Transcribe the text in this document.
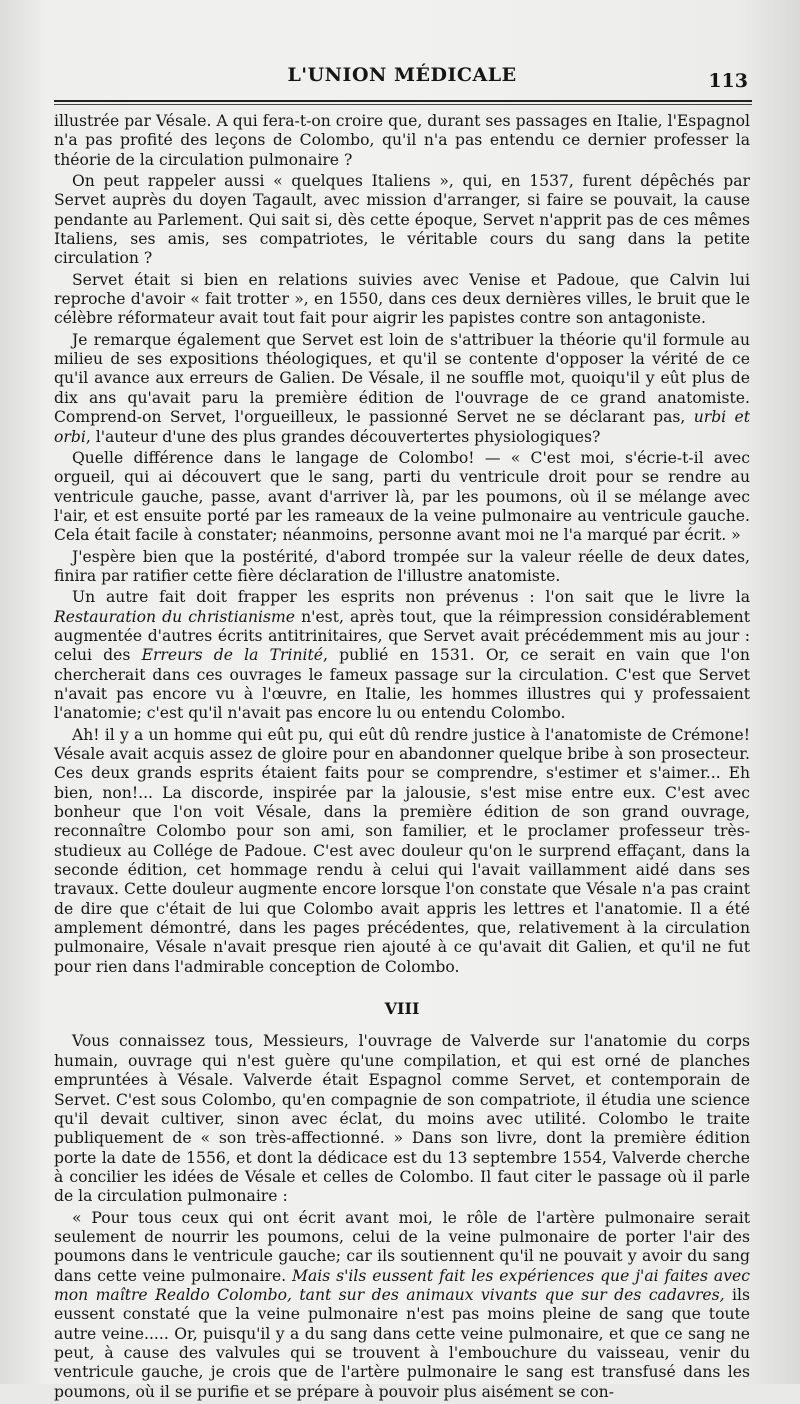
L'UNION MÉDICALE	113

illustrée par Vésale. A qui fera-t-on croire que, durant ses passages en Italie, l'Espagnol n'a pas profité des leçons de Colombo, qu'il n'a pas entendu ce dernier professer la théorie de la circulation pulmonaire ?

On peut rappeler aussi « quelques Italiens », qui, en 1537, furent dépêchés par Servet auprès du doyen Tagault, avec mission d'arranger, si faire se pouvait, la cause pendante au Parlement. Qui sait si, dès cette époque, Servet n'apprit pas de ces mêmes Italiens, ses amis, ses compatriotes, le véritable cours du sang dans la petite circulation ?

Servet était si bien en relations suivies avec Venise et Padoue, que Calvin lui reproche d'avoir « fait trotter », en 1550, dans ces deux dernières villes, le bruit que le célèbre réformateur avait tout fait pour aigrir les papistes contre son antagoniste.

Je remarque également que Servet est loin de s'attribuer la théorie qu'il formule au milieu de ses expositions théologiques, et qu'il se contente d'opposer la vérité de ce qu'il avance aux erreurs de Galien. De Vésale, il ne souffle mot, quoiqu'il y eût plus de dix ans qu'avait paru la première édition de l'ouvrage de ce grand anatomiste. Comprend-on Servet, l'orgueilleux, le passionné Servet ne se déclarant pas, urbi et orbi, l'auteur d'une des plus grandes découvertertes physiologiques?

Quelle différence dans le langage de Colombo! — « C'est moi, s'écrie-t-il avec orgueil, qui ai découvert que le sang, parti du ventricule droit pour se rendre au ventricule gauche, passe, avant d'arriver là, par les poumons, où il se mélange avec l'air, et est ensuite porté par les rameaux de la veine pulmonaire au ventricule gauche. Cela était facile à constater; néanmoins, personne avant moi ne l'a marqué par écrit. »

J'espère bien que la postérité, d'abord trompée sur la valeur réelle de deux dates, finira par ratifier cette fière déclaration de l'illustre anatomiste.

Un autre fait doit frapper les esprits non prévenus : l'on sait que le livre la Restauration du christianisme n'est, après tout, que la réimpression considérablement augmentée d'autres écrits antitrinitaires, que Servet avait précédemment mis au jour : celui des Erreurs de la Trinité, publié en 1531. Or, ce serait en vain que l'on chercherait dans ces ouvrages le fameux passage sur la circulation. C'est que Servet n'avait pas encore vu à l'œuvre, en Italie, les hommes illustres qui y professaient l'anatomie; c'est qu'il n'avait pas encore lu ou entendu Colombo.

Ah! il y a un homme qui eût pu, qui eût dû rendre justice à l'anatomiste de Crémone! Vésale avait acquis assez de gloire pour en abandonner quelque bribe à son prosecteur. Ces deux grands esprits étaient faits pour se comprendre, s'estimer et s'aimer... Eh bien, non!... La discorde, inspirée par la jalousie, s'est mise entre eux. C'est avec bonheur que l'on voit Vésale, dans la première édition de son grand ouvrage, reconnaître Colombo pour son ami, son familier, et le proclamer professeur très-studieux au Collége de Padoue. C'est avec douleur qu'on le surprend effaçant, dans la seconde édition, cet hommage rendu à celui qui l'avait vaillamment aidé dans ses travaux. Cette douleur augmente encore lorsque l'on constate que Vésale n'a pas craint de dire que c'était de lui que Colombo avait appris les lettres et l'anatomie. Il a été amplement démontré, dans les pages précédentes, que, relativement à la circulation pulmonaire, Vésale n'avait presque rien ajouté à ce qu'avait dit Galien, et qu'il ne fut pour rien dans l'admirable conception de Colombo.

VIII

Vous connaissez tous, Messieurs, l'ouvrage de Valverde sur l'anatomie du corps humain, ouvrage qui n'est guère qu'une compilation, et qui est orné de planches empruntées à Vésale. Valverde était Espagnol comme Servet, et contemporain de Servet. C'est sous Colombo, qu'en compagnie de son compatriote, il étudia une science qu'il devait cultiver, sinon avec éclat, du moins avec utilité. Colombo le traite publiquement de « son très-affectionné. » Dans son livre, dont la première édition porte la date de 1556, et dont la dédicace est du 13 septembre 1554, Valverde cherche à concilier les idées de Vésale et celles de Colombo. Il faut citer le passage où il parle de la circulation pulmonaire :

« Pour tous ceux qui ont écrit avant moi, le rôle de l'artère pulmonaire serait seulement de nourrir les poumons, celui de la veine pulmonaire de porter l'air des poumons dans le ventricule gauche; car ils soutiennent qu'il ne pouvait y avoir du sang dans cette veine pulmonaire. Mais s'ils eussent fait les expériences que j'ai faites avec mon maître Realdo Colombo, tant sur des animaux vivants que sur des cadavres, ils eussent constaté que la veine pulmonaire n'est pas moins pleine de sang que toute autre veine..... Or, puisqu'il y a du sang dans cette veine pulmonaire, et que ce sang ne peut, à cause des valvules qui se trouvent à l'embouchure du vaisseau, venir du ventricule gauche, je crois que de l'artère pulmonaire le sang est transfusé dans les poumons, où il se purifie et se prépare à pouvoir plus aisément se con-
